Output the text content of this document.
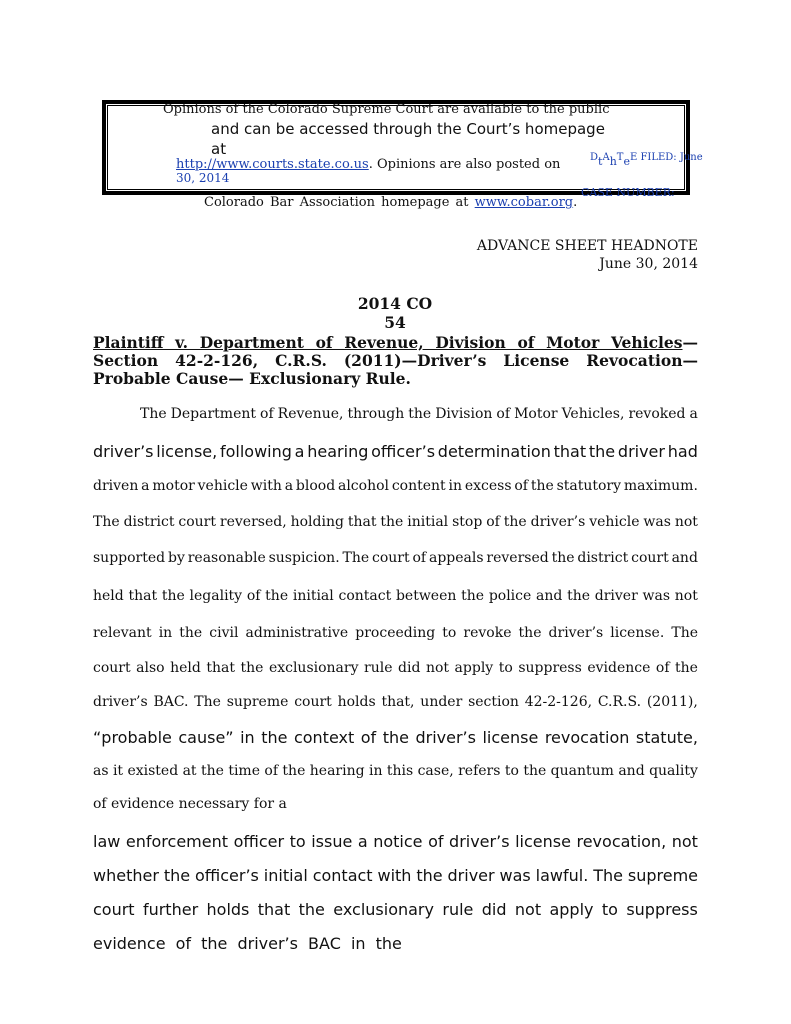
Opinions of the Colorado Supreme Court are available to the public
and can be accessed through the Court’s homepage
at
http://www.courts.state.co.us. Opinions are also posted on
Colorado Bar Association homepage at www.cobar.org.
$^Dt^Ah^Te^{E FILED: June}$
30, 2014
CASE NUMBER:
ADVANCE SHEET HEADNOTE
June 30, 2014
2014 CO
54
Plaintiff v. Department of Revenue, Division of Motor Vehicles—Section 42-2-126, C.R.S. (2011)—Driver’s License Revocation—Probable Cause— Exclusionary Rule.
The Department of Revenue, through the Division of Motor Vehicles, revoked a
driver’s license, following a hearing officer’s determination that the driver had
driven a motor vehicle with a blood alcohol content in excess of the statutory maximum.
The district court reversed, holding that the initial stop of the driver’s vehicle was not
supported by reasonable suspicion. The court of appeals reversed the district court and
held that the legality of the initial contact between the police and the driver was not
relevant in the civil administrative proceeding to revoke the driver’s license. The
court also held that the exclusionary rule did not apply to suppress evidence of the
driver’s BAC. The supreme court holds that, under section 42-2-126, C.R.S. (2011),
“probable cause” in the context of the driver’s license revocation statute,
as it existed at the time of the hearing in this case, refers to the quantum and quality
of evidence necessary for a
law enforcement officer to issue a notice of driver’s license revocation, not
whether the officer’s initial contact with the driver was lawful. The supreme
court further holds that the exclusionary rule did not apply to suppress
evidence of the driver’s BAC in the
